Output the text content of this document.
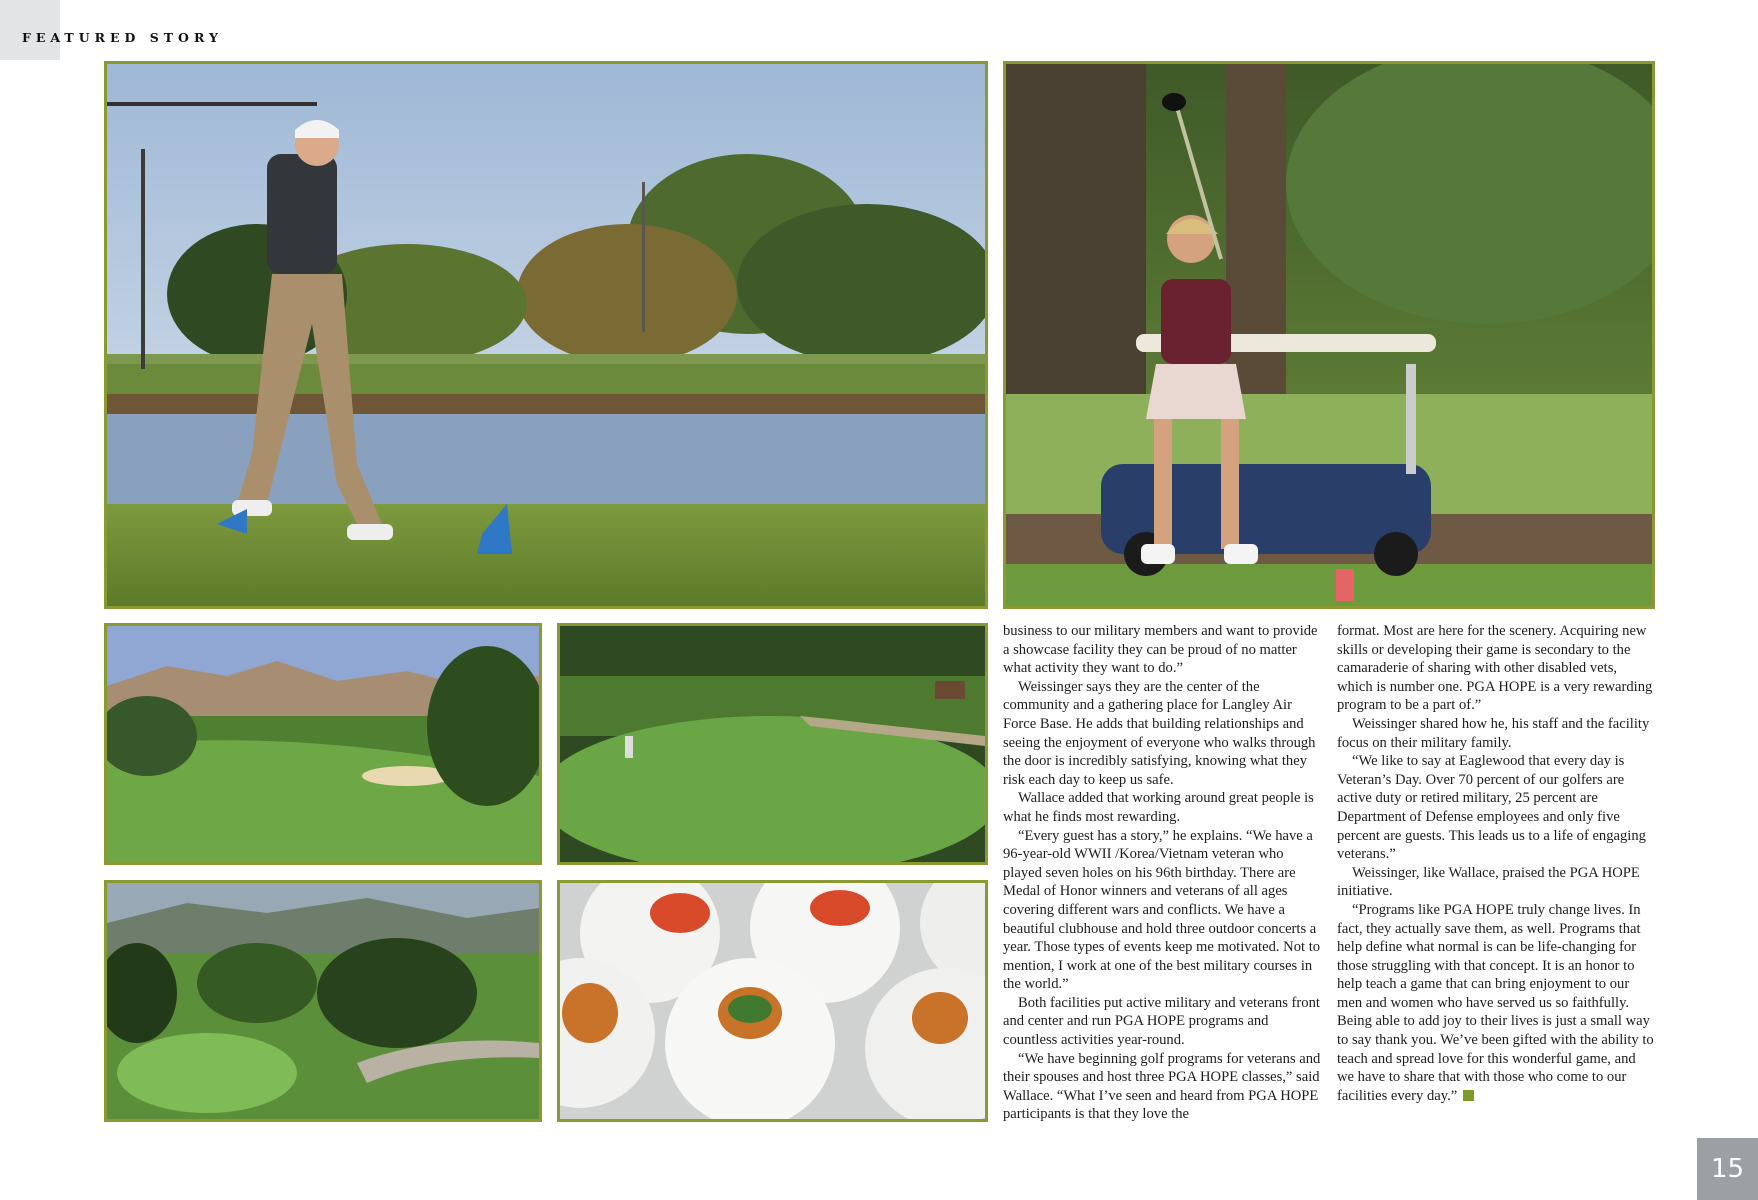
FEATURED STORY

business to our military members and want to provide a showcase facility they can be proud of no matter what activity they want to do.”

Weissinger says they are the center of the community and a gathering place for Langley Air Force Base. He adds that building relationships and seeing the enjoyment of everyone who walks through the door is incredibly satisfying, knowing what they risk each day to keep us safe.

Wallace added that working around great people is what he finds most rewarding.

“Every guest has a story,” he explains. “We have a 96-year-old WWII /Korea/Vietnam veteran who played seven holes on his 96th birthday. There are Medal of Honor winners and veterans of all ages covering different wars and conflicts. We have a beautiful clubhouse and hold three outdoor concerts a year. Those types of events keep me motivated. Not to mention, I work at one of the best military courses in the world.”

Both facilities put active military and veterans front and center and run PGA HOPE programs and countless activities year-round.

“We have beginning golf programs for veterans and their spouses and host three PGA HOPE classes,” said Wallace. “What I’ve seen and heard from PGA HOPE participants is that they love the

format. Most are here for the scenery. Acquiring new skills or developing their game is secondary to the camaraderie of sharing with other disabled vets, which is number one. PGA HOPE is a very rewarding program to be a part of.”

Weissinger shared how he, his staff and the facility focus on their military family.

“We like to say at Eaglewood that every day is Veteran’s Day. Over 70 percent of our golfers are active duty or retired military, 25 percent are Department of Defense employees and only five percent are guests. This leads us to a life of engaging veterans.”

Weissinger, like Wallace, praised the PGA HOPE initiative.

“Programs like PGA HOPE truly change lives. In fact, they actually save them, as well. Programs that help define what normal is can be life-changing for those struggling with that concept. It is an honor to help teach a game that can bring enjoyment to our men and women who have served us so faithfully. Being able to add joy to their lives is just a small way to say thank you. We’ve been gifted with the ability to teach and spread love for this wonderful game, and we have to share that with those who come to our facilities every day.”

15
